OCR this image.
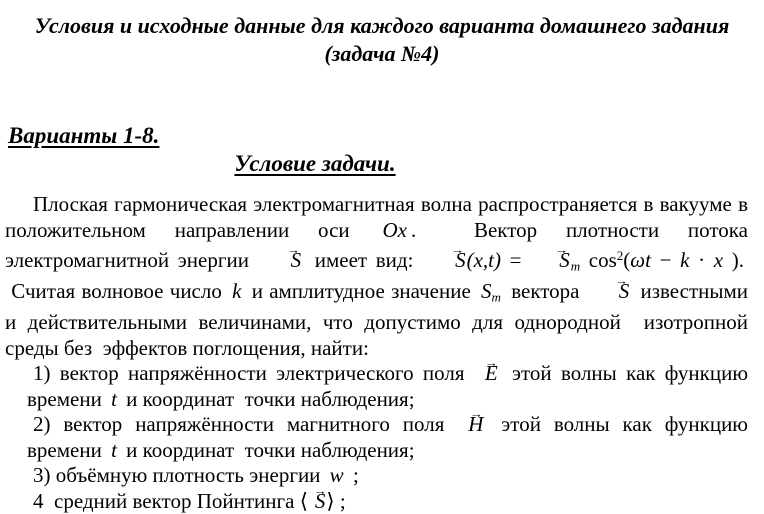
Условия и исходные данные для каждого варианта домашнего задания
(задача №4)
Варианты 1-8.
Условие задачи.

Плоская гармоническая электромагнитная волна распространяется в вакууме в положительном направлении оси Ox .  Вектор плотности потока электромагнитной энергии S → имеет вид: $S \to(x,t) = S \to_m$ $\cos^2(\omega t - k \cdot x$ ).  Считая волновое число k и амплитудное значение $S_m$ вектора S → известными и действительными величинами, что допустимо для однородной  изотропной среды без  эффектов поглощения, найти:

1) вектор напряжённости электрического поля E → этой волны как функцию времени t и координат  точки наблюдения;

2) вектор напряжённости магнитного поля H → этой волны как функцию времени t и координат  точки наблюдения;

3) объёмную плотность энергии w ;

4  средний вектор Пойнтинга ⟨ S →⟩ ;
